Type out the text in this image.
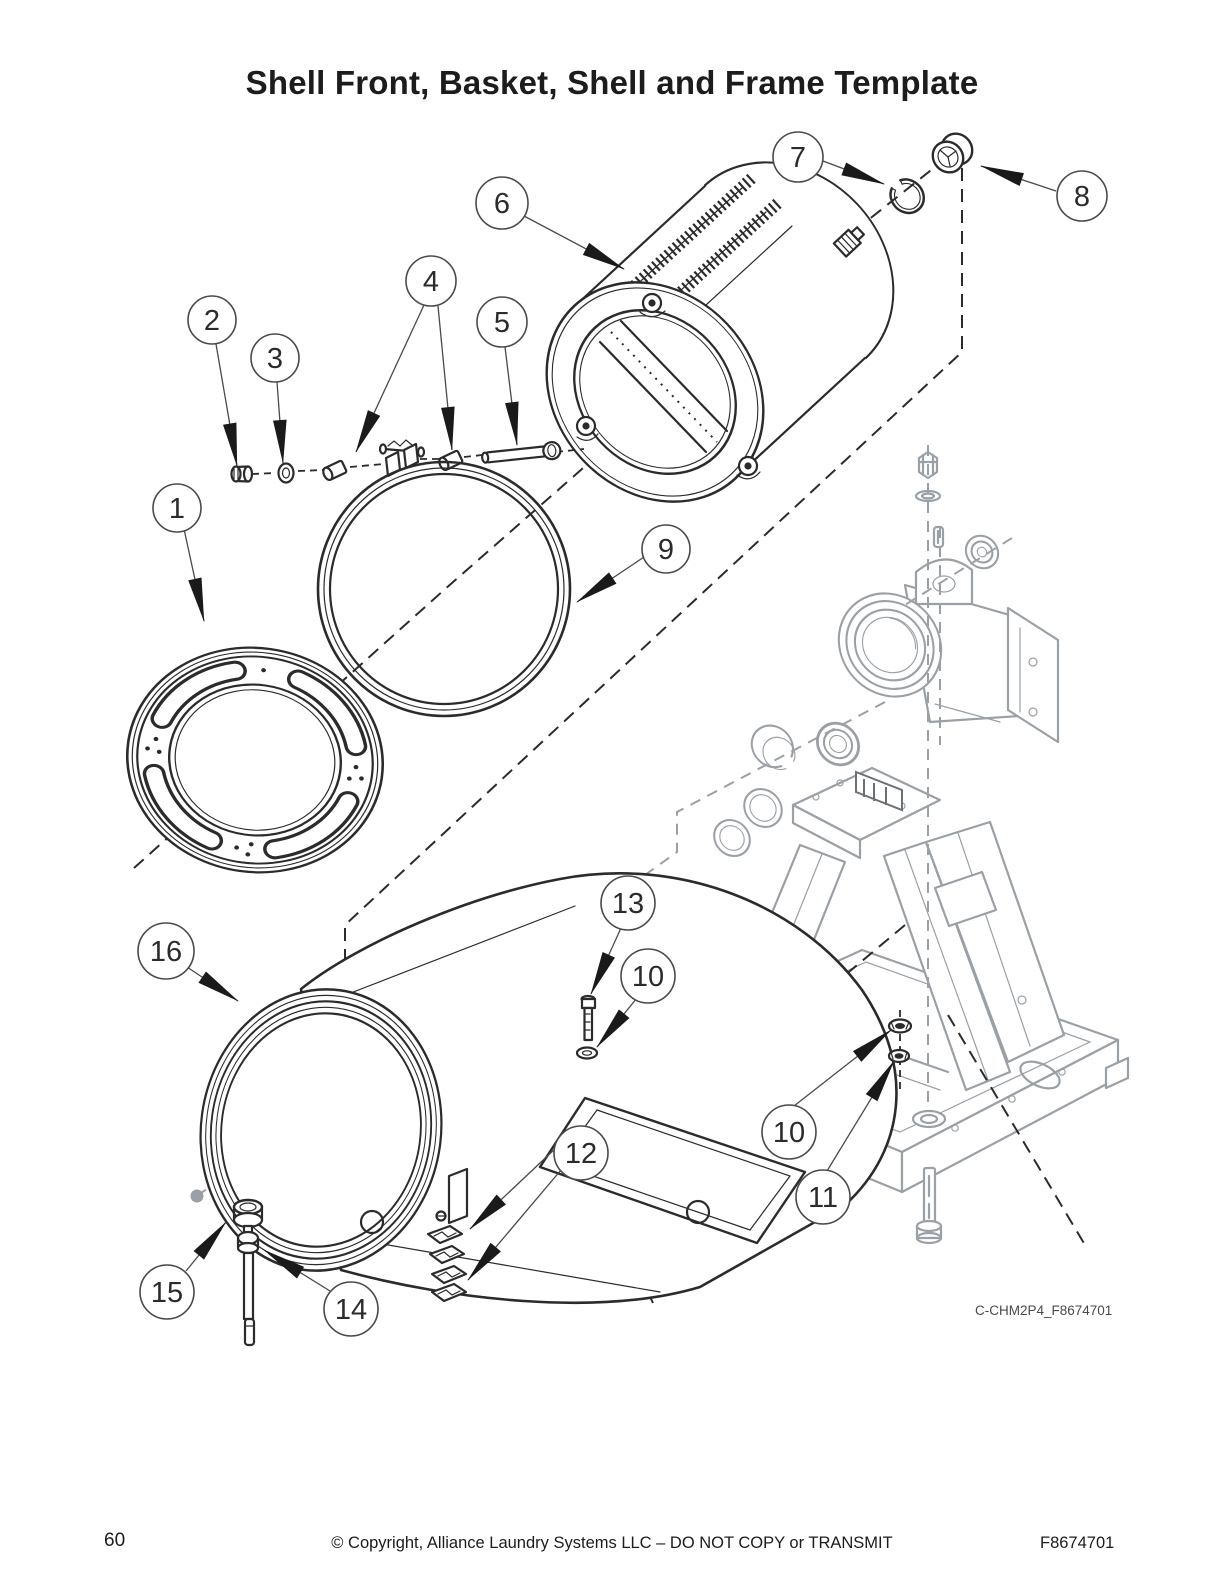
Shell Front, Basket, Shell and Frame Template
1
2
3
4
5
6
7
8
9
10
10
11
12
13
14
15
16
C-CHM2P4_F8674701
60	© Copyright, Alliance Laundry Systems LLC – DO NOT COPY or TRANSMIT	F8674701
